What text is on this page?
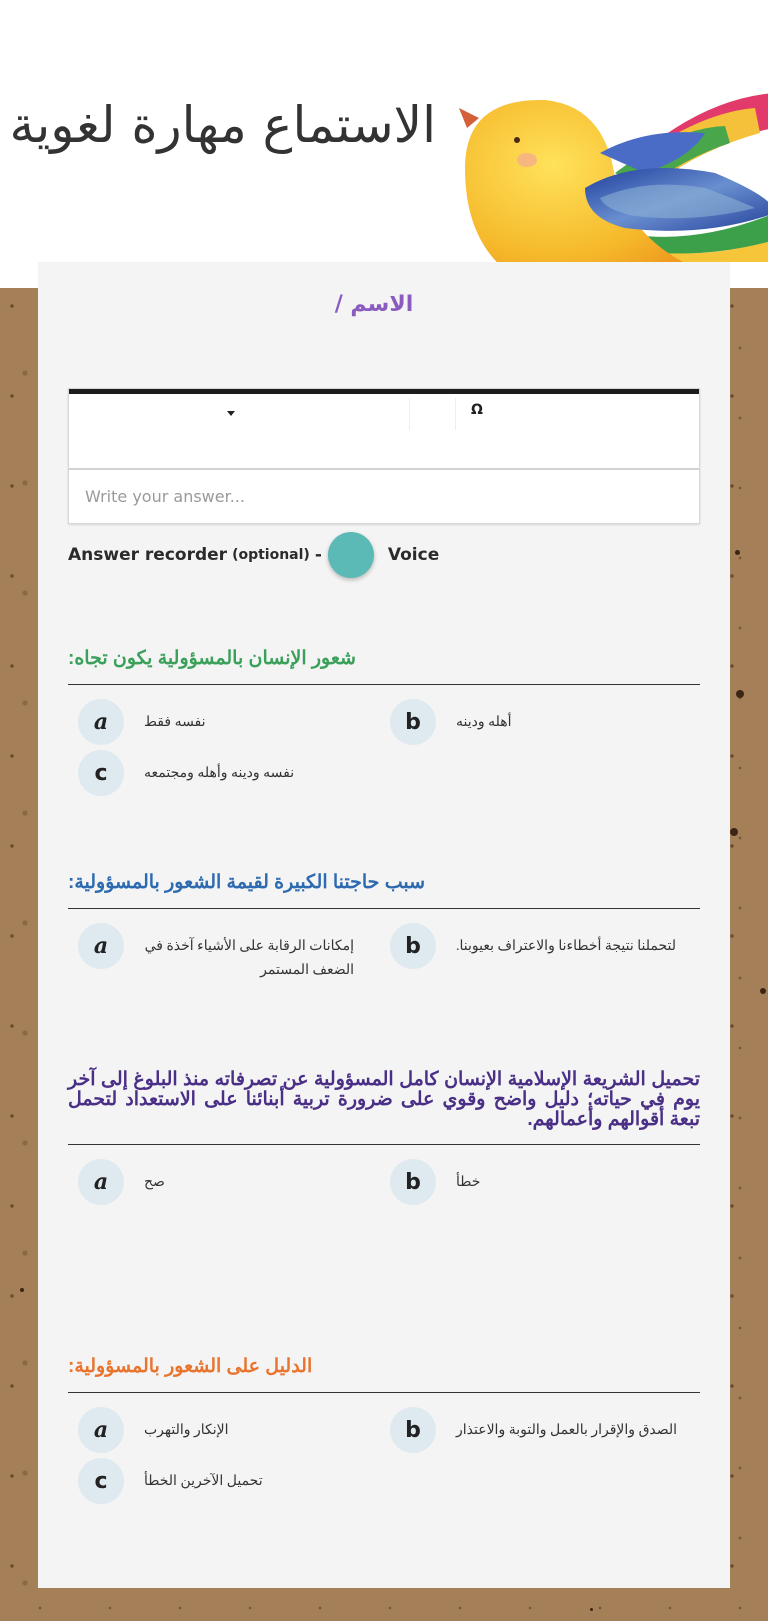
الاستماع مهارة لغوية
الاسم /
Ω
Write your answer...
Answer recorder (optional) -	Voice
شعور الإنسان بالمسؤولية يكون تجاه:
a	نفسه فقط	b	أهله ودينه
c	نفسه ودينه وأهله ومجتمعه
سبب حاجتنا الكبيرة لقيمة الشعور بالمسؤولية:
a	إمكانات الرقابة على الأشياء آخذة في الضعف المستمر
b	لتحملنا نتيجة أخطاءنا والاعتراف بعيوبنا.
تحميل الشريعة الإسلامية الإنسان كامل المسؤولية عن تصرفاته منذ البلوغ إلى آخر يوم في حياته؛ دليل واضح وقوي على ضرورة تربية أبنائنا على الاستعداد لتحمل تبعة أقوالهم وأعمالهم.
a	صح	b	خطأ
الدليل على الشعور بالمسؤولية:
a	الإنكار والتهرب	b	الصدق والإقرار بالعمل والتوبة والاعتذار
c	تحميل الآخرين الخطأ
